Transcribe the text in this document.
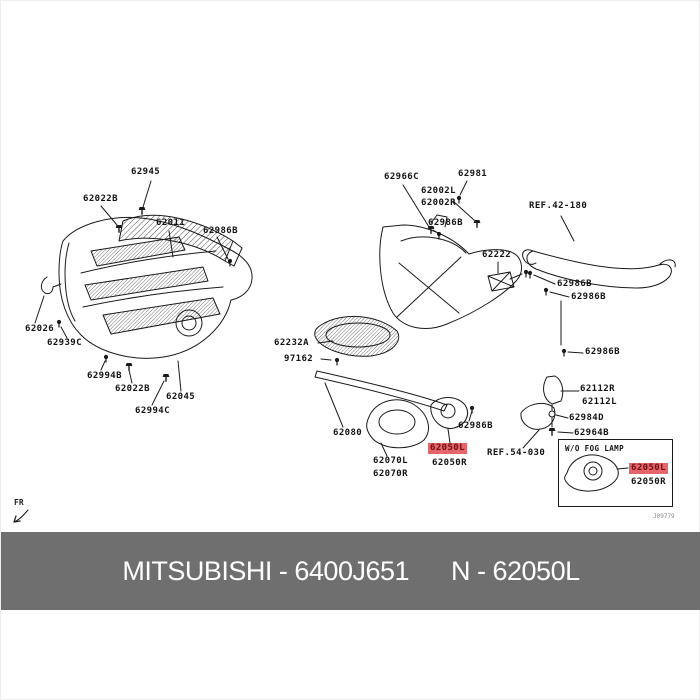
62945
62022B
62011
62986B
62026
62939C
62994B
62022B
62045
62994C
62966C	62981
62002L
62002R
62986B
REF.42-180
62222
62986B
62986B
62232A
97162
62986B
62112R
62112L
62984D
62964B
62080
62070L
62070R
62050L
62050R
62986B
REF.54-030	W/O FOG LAMP
62050L
62050R
FR
J09779
MITSUBISHI - 6400J651 N - 62050L
